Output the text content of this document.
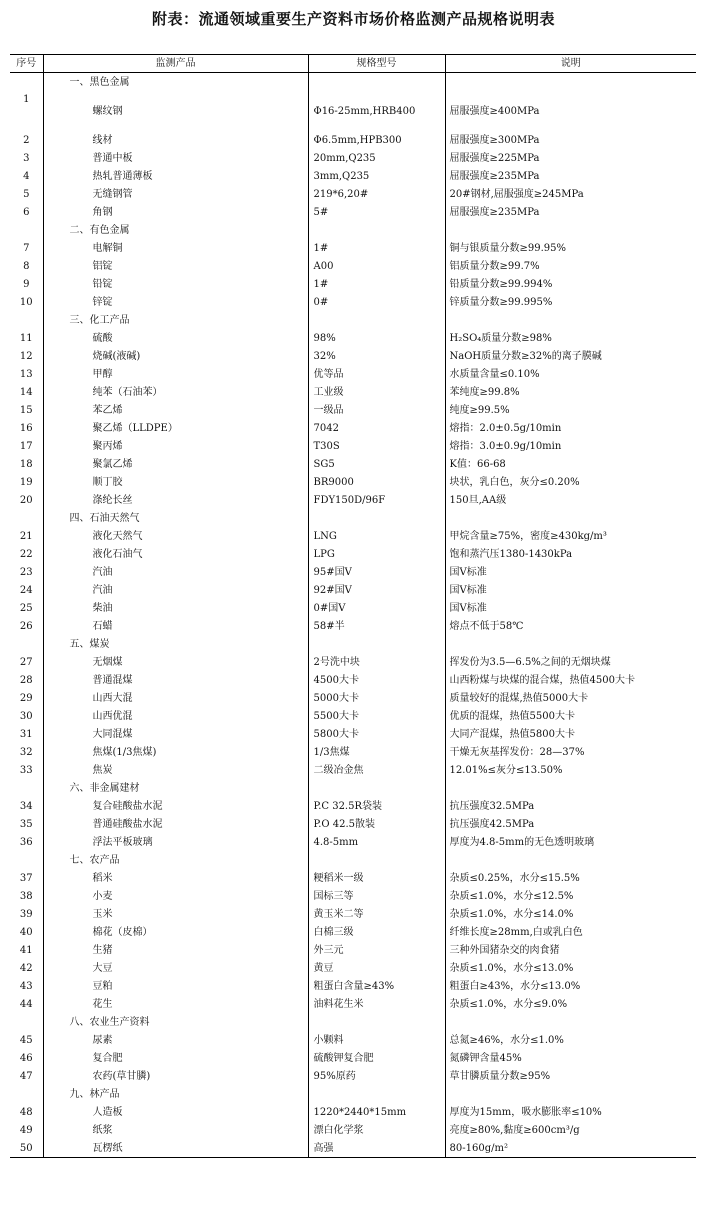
附表：流通领域重要生产资料市场价格监测产品规格说明表
序号	监测产品	规格型号	说明
	一、黑色金属		
1	螺纹钢	Φ16-25mm,HRB400	屈服强度≥400MPa
2	线材	Φ6.5mm,HPB300	屈服强度≥300MPa
3	普通中板	20mm,Q235	屈服强度≥225MPa
4	热轧普通薄板	3mm,Q235	屈服强度≥235MPa
5	无缝钢管	219*6,20#	20#钢材,屈服强度≥245MPa
6	角钢	5#	屈服强度≥235MPa
	二、有色金属		
7	电解铜	1#	铜与银质量分数≥99.95%
8	铝锭	A00	铝质量分数≥99.7%
9	铅锭	1#	铅质量分数≥99.994%
10	锌锭	0#	锌质量分数≥99.995%
	三、化工产品		
11	硫酸	98%	H₂SO₄质量分数≥98%
12	烧碱(液碱)	32%	NaOH质量分数≥32%的离子膜碱
13	甲醇	优等品	水质量含量≤0.10%
14	纯苯（石油苯）	工业级	苯纯度≥99.8%
15	苯乙烯	一级品	纯度≥99.5%
16	聚乙烯（LLDPE）	7042	熔指：2.0±0.5g/10min
17	聚丙烯	T30S	熔指：3.0±0.9g/10min
18	聚氯乙烯	SG5	K值：66-68
19	顺丁胶	BR9000	块状，乳白色，灰分≤0.20%
20	涤纶长丝	FDY150D/96F	150旦,AA级
	四、石油天然气		
21	液化天然气	LNG	甲烷含量≥75%，密度≥430kg/m³
22	液化石油气	LPG	饱和蒸汽压1380-1430kPa
23	汽油	95#国Ⅴ	国Ⅴ标准
24	汽油	92#国Ⅴ	国Ⅴ标准
25	柴油	0#国Ⅴ	国Ⅴ标准
26	石蜡	58#半	熔点不低于58℃
	五、煤炭		
27	无烟煤	2号洗中块	挥发份为3.5—6.5%之间的无烟块煤
28	普通混煤	4500大卡	山西粉煤与块煤的混合煤，热值4500大卡
29	山西大混	5000大卡	质量较好的混煤,热值5000大卡
30	山西优混	5500大卡	优质的混煤，热值5500大卡
31	大同混煤	5800大卡	大同产混煤，热值5800大卡
32	焦煤(1/3焦煤)	1/3焦煤	干燥无灰基挥发份：28—37%
33	焦炭	二级冶金焦	12.01%≤灰分≤13.50%
	六、非金属建材		
34	复合硅酸盐水泥	P.C 32.5R袋装	抗压强度32.5MPa
35	普通硅酸盐水泥	P.O 42.5散装	抗压强度42.5MPa
36	浮法平板玻璃	4.8-5mm	厚度为4.8-5mm的无色透明玻璃
	七、农产品		
37	稻米	粳稻米一级	杂质≤0.25%，水分≤15.5%
38	小麦	国标三等	杂质≤1.0%，水分≤12.5%
39	玉米	黄玉米二等	杂质≤1.0%，水分≤14.0%
40	棉花（皮棉）	白棉三级	纤维长度≥28mm,白或乳白色
41	生猪	外三元	三种外国猪杂交的肉食猪
42	大豆	黄豆	杂质≤1.0%，水分≤13.0%
43	豆粕	粗蛋白含量≥43%	粗蛋白≥43%，水分≤13.0%
44	花生	油料花生米	杂质≤1.0%，水分≤9.0%
	八、农业生产资料		
45	尿素	小颗料	总氮≥46%，水分≤1.0%
46	复合肥	硫酸钾复合肥	氮磷钾含量45%
47	农药(草甘膦)	95%原药	草甘膦质量分数≥95%
	九、林产品		
48	人造板	1220*2440*15mm	厚度为15mm，吸水膨胀率≤10%
49	纸浆	漂白化学浆	亮度≥80%,黏度≥600cm³/g
50	瓦楞纸	高强	80-160g/m²
